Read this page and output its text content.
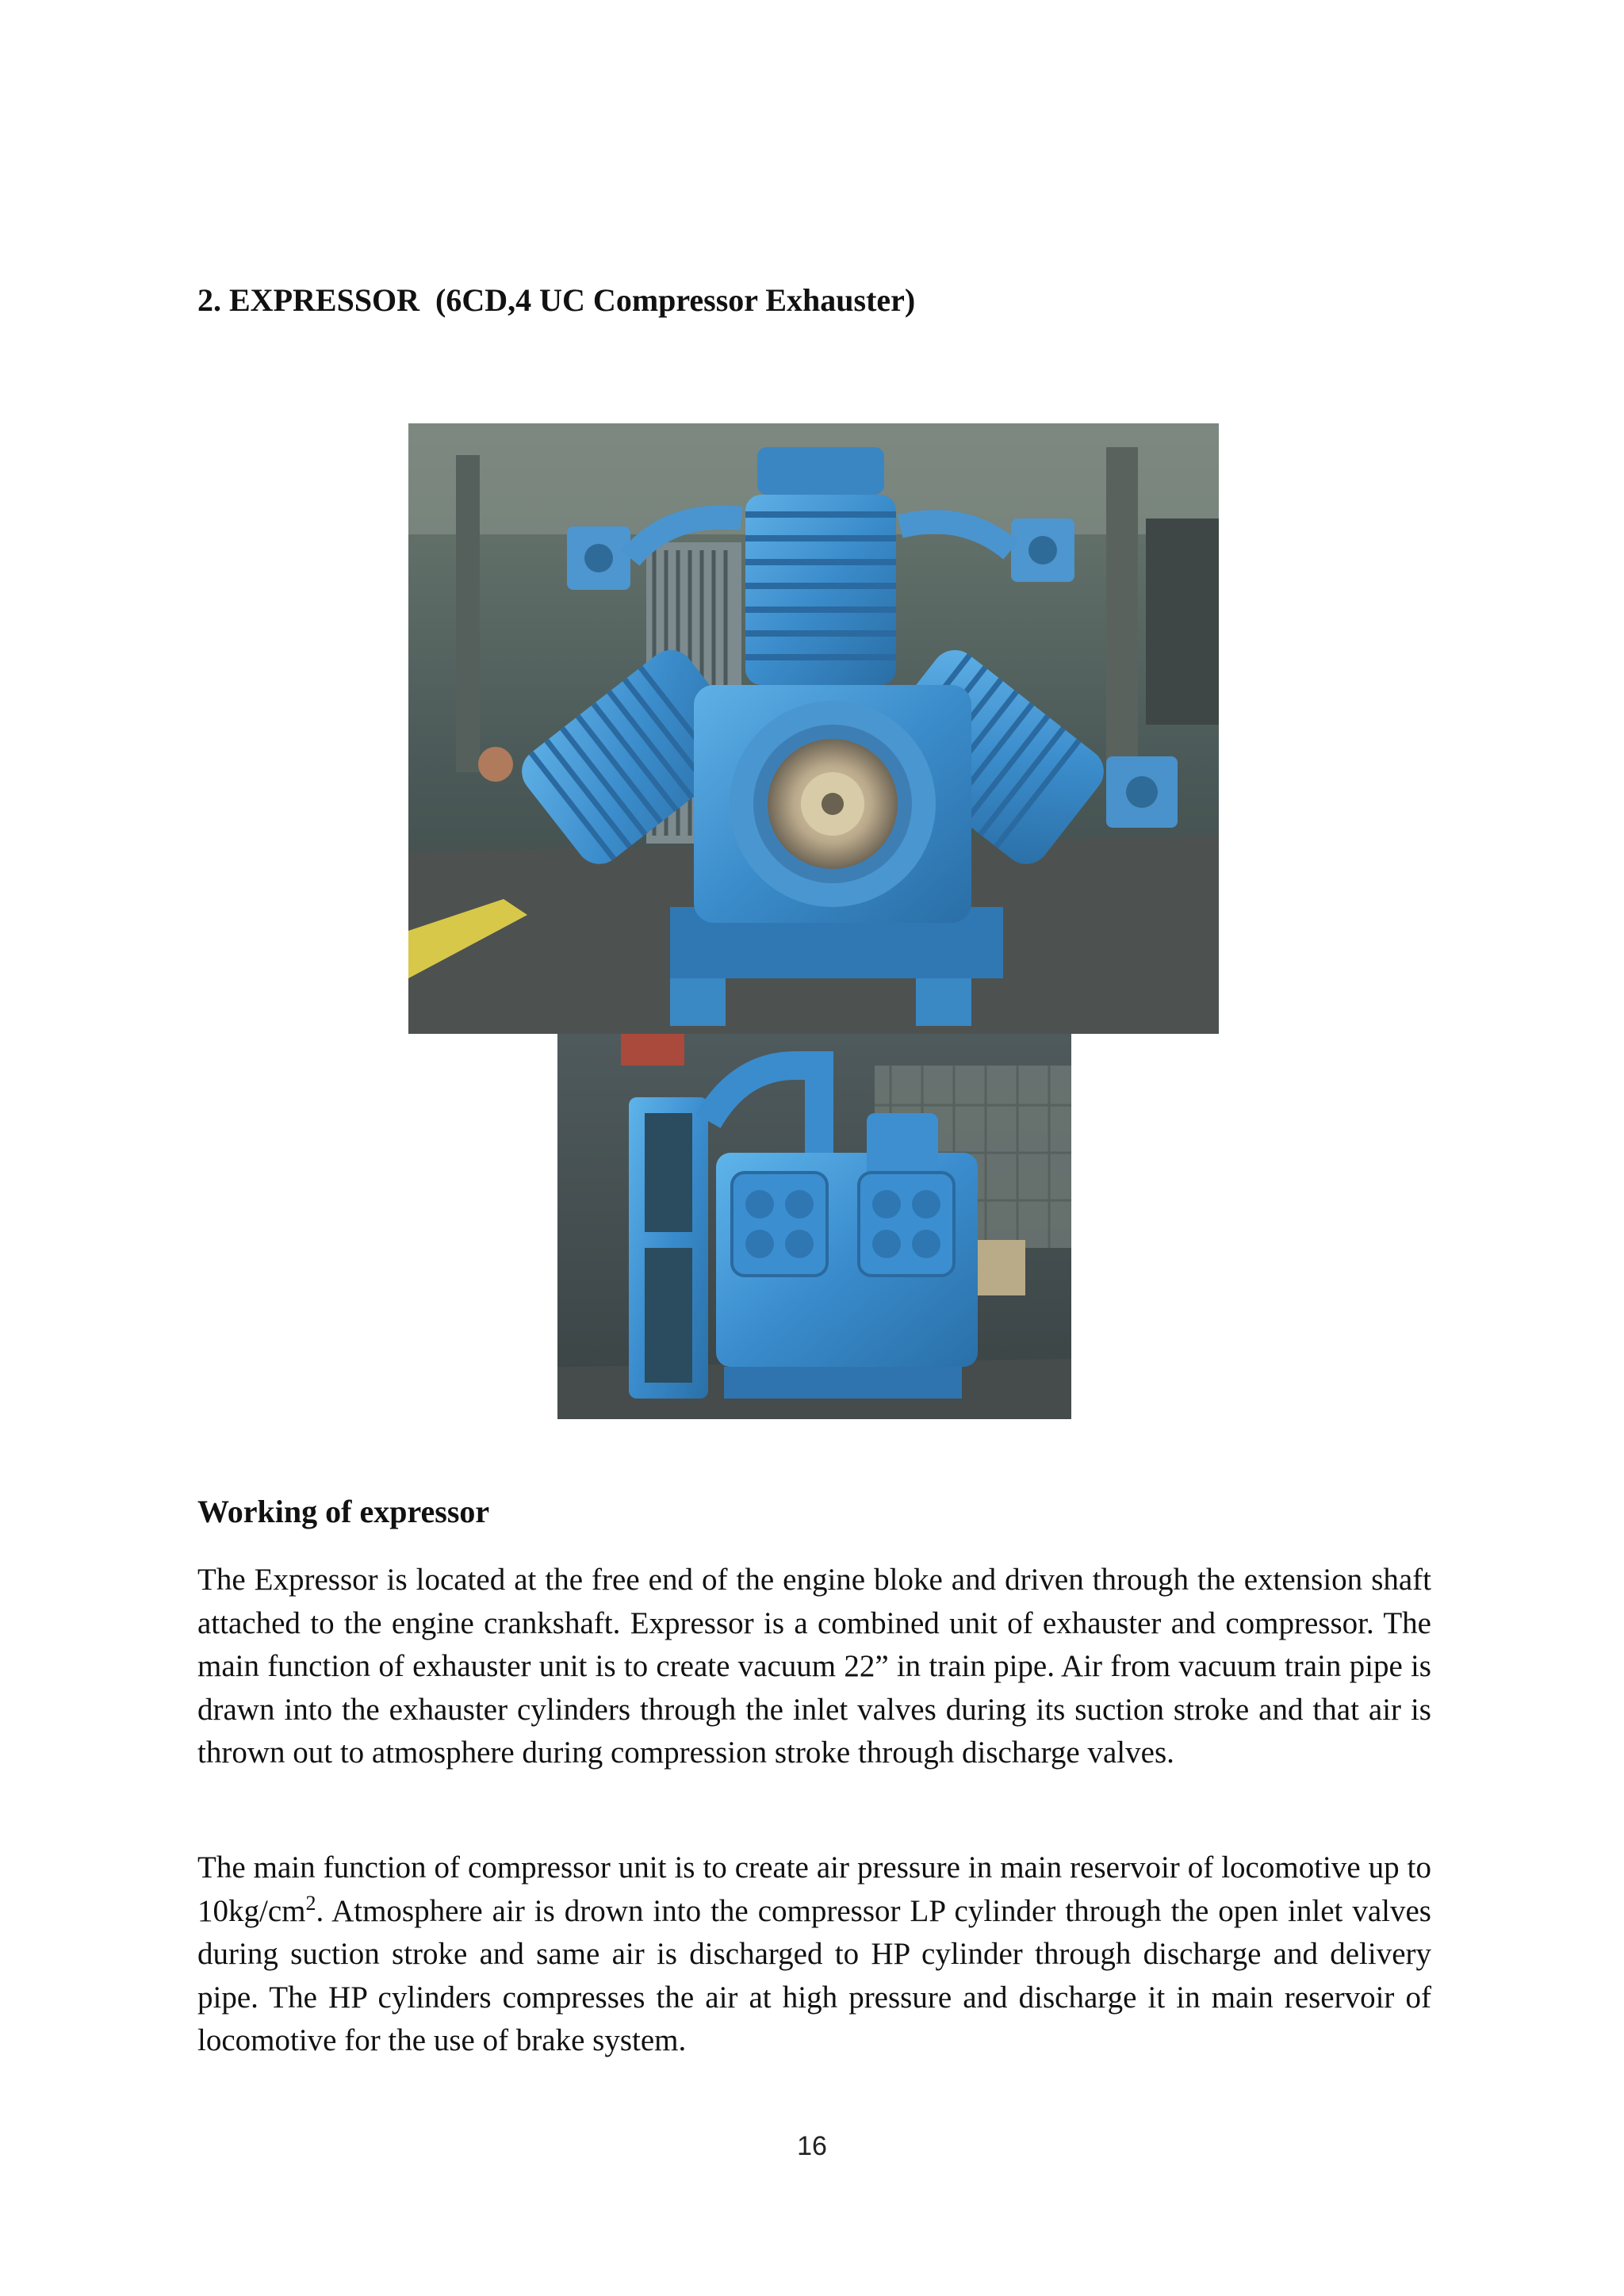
2. EXPRESSOR  (6CD,4 UC Compressor Exhauster)
Working of expressor

The Expressor is located at the free end of the engine bloke and driven through the extension shaft attached to the engine crankshaft. Expressor is a combined unit of exhauster and compressor. The main function of exhauster unit is to create vacuum 22” in train pipe. Air from vacuum train pipe is drawn into the exhauster cylinders through the inlet valves during its suction stroke and that air is thrown out to atmosphere during compression stroke through discharge valves.

The main function of compressor unit is to create air pressure in main reservoir of locomotive up to $10kg/cm^2$. Atmosphere air is drown into the compressor LP cylinder through the open inlet valves during suction stroke and same air is discharged to HP cylinder through discharge and delivery pipe. The HP cylinders compresses the air at high pressure and discharge it in main reservoir of locomotive for the use of brake system.

16
